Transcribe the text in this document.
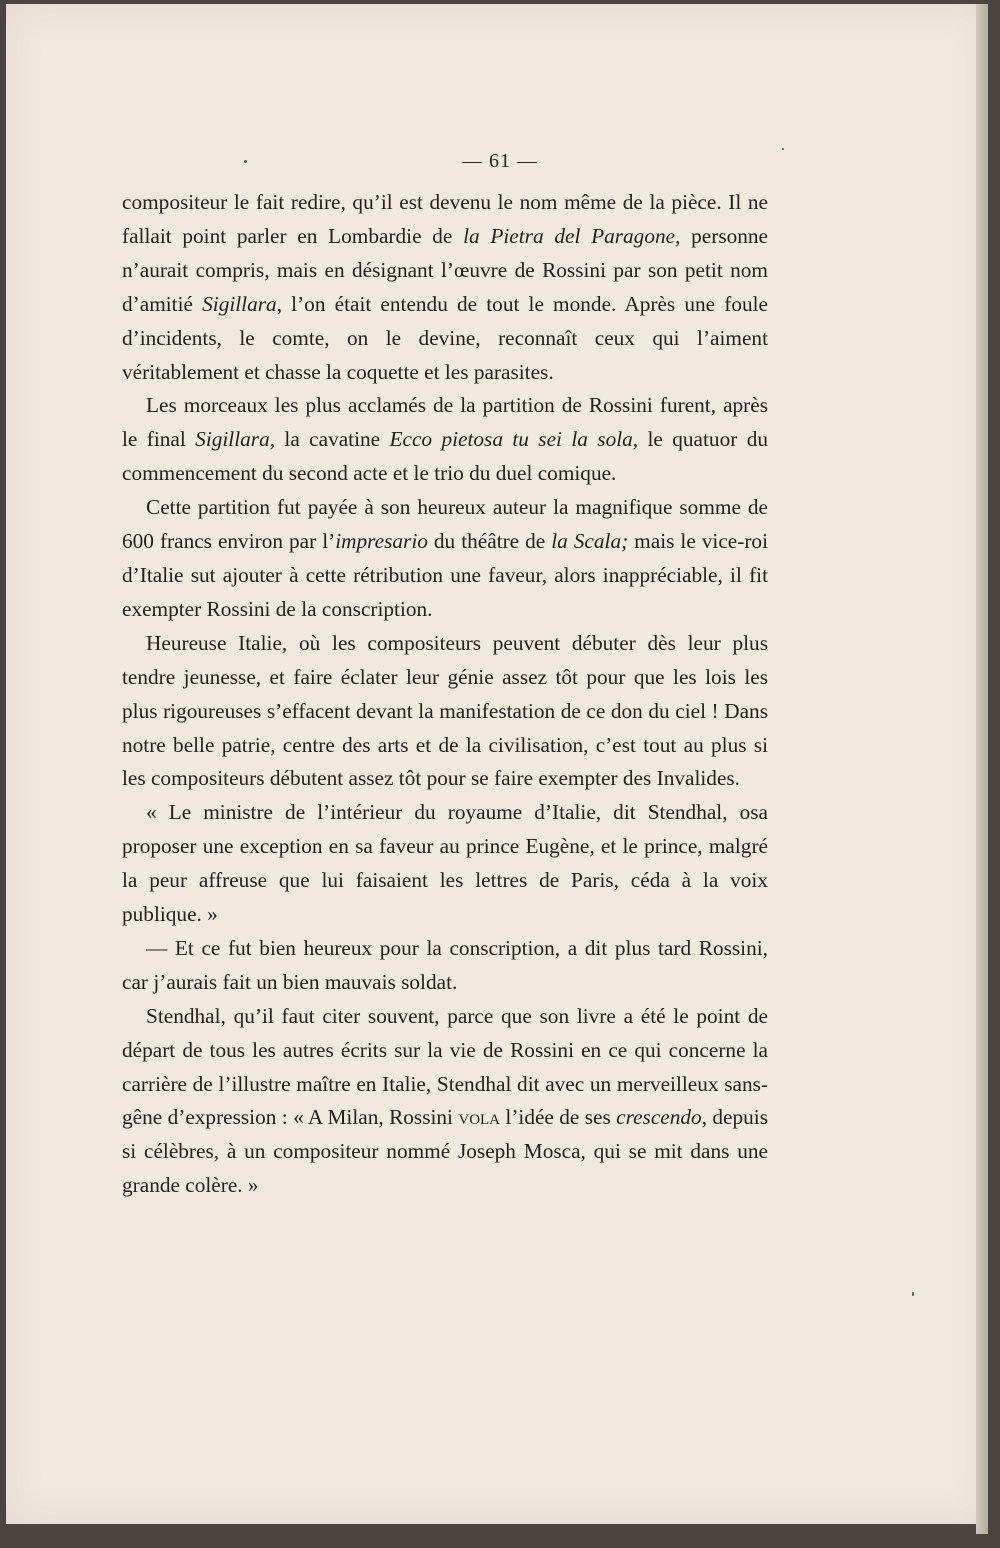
— 61 —

compositeur le fait redire, qu’il est devenu le nom même de la pièce. Il ne fallait point parler en Lombardie de la Pietra del Paragone, personne n’aurait compris, mais en désignant l’œuvre de Rossini par son petit nom d’amitié Sigillara, l’on était entendu de tout le monde. Après une foule d’incidents, le comte, on le devine, reconnaît ceux qui l’aiment véritablement et chasse la coquette et les parasites.

Les morceaux les plus acclamés de la partition de Rossini furent, après le final Sigillara, la cavatine Ecco pietosa tu sei la sola, le quatuor du commencement du second acte et le trio du duel comique.

Cette partition fut payée à son heureux auteur la magnifique somme de 600 francs environ par l’impresario du théâtre de la Scala; mais le vice-roi d’Italie sut ajouter à cette rétribution une faveur, alors inappréciable, il fit exempter Rossini de la conscription.

Heureuse Italie, où les compositeurs peuvent débuter dès leur plus tendre jeunesse, et faire éclater leur génie assez tôt pour que les lois les plus rigoureuses s’effacent devant la manifestation de ce don du ciel ! Dans notre belle patrie, centre des arts et de la civilisation, c’est tout au plus si les compositeurs débutent assez tôt pour se faire exempter des Invalides.

« Le ministre de l’intérieur du royaume d’Italie, dit Stendhal, osa proposer une exception en sa faveur au prince Eugène, et le prince, malgré la peur affreuse que lui faisaient les lettres de Paris, céda à la voix publique. »

— Et ce fut bien heureux pour la conscription, a dit plus tard Rossini, car j’aurais fait un bien mauvais soldat.

Stendhal, qu’il faut citer souvent, parce que son livre a été le point de départ de tous les autres écrits sur la vie de Rossini en ce qui concerne la carrière de l’illustre maître en Italie, Stendhal dit avec un merveilleux sans-gêne d’expression : « A Milan, Rossini vola l’idée de ses crescendo, depuis si célèbres, à un compositeur nommé Joseph Mosca, qui se mit dans une grande colère. »
